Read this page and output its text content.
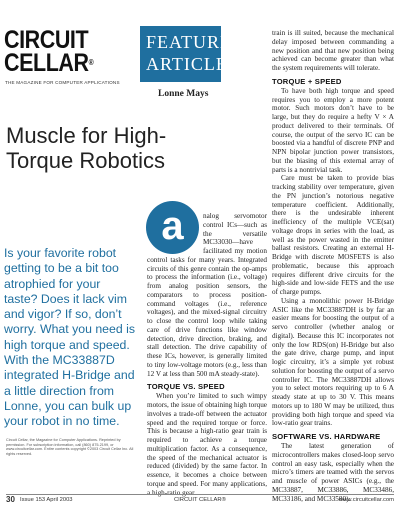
CIRCUIT
CELLAR®
THE MAGAZINE FOR COMPUTER APPLICATIONS
FEATURE
ARTICLE
Lonne Mays
Muscle for High-Torque Robotics
Is your favorite robot getting to be a bit too atrophied for your taste? Does it lack vim and vigor? If so, don’t worry. What you need is high torque and speed. With the MC33887D integrated H-Bridge and a little direction from Lonne, you can bulk up your robot in no time.
Circuit Cellar, the Magazine for Computer Applications. Reprinted by permission. For subscription information, call (860) 875-2199, or www.circuitcellar.com. Entire contents copyright ©2003 Circuit Cellar Inc. All rights reserved.

nalog servomotor control ICs—such as the versatile MC33030—have facilitated my motion control tasks for many years. Integrated circuits of this genre contain the op-amps to process the information (i.e., voltage) from analog position sensors, the comparators to process position-command voltages (i.e., reference voltages), and the mixed-signal circuitry to close the control loop while taking care of drive functions like window detection, drive direction, braking, and stall detection. The drive capability of these ICs, however, is generally limited to tiny low-voltage motors (e.g., less than 12 V at less than 500 mA steady-state).

TORQUE VS. SPEED

When you’re limited to such wimpy motors, the issue of obtaining high torque involves a trade-off between the actuator speed and the required torque or force. This is because a high-ratio gear train is required to achieve a torque multiplication factor. As a consequence, the speed of the mechanical actuator is reduced (divided) by the same factor. In essence, it becomes a choice between torque and speed. For many applications, a high-ratio gear

a

train is ill suited, because the mechanical delay imposed between commanding a new position and that new position being achieved can become greater than what the system requirements will tolerate.

TORQUE + SPEED

To have both high torque and speed requires you to employ a more potent motor. Such motors don’t have to be large, but they do require a hefty V × A product delivered to their terminals. Of course, the output of the servo IC can be boosted via a handful of discrete PNP and NPN bipolar junction power transistors, but the biasing of this external array of parts is a nontrivial task.

Care must be taken to provide bias tracking stability over temperature, given the PN junction’s notorious negative temperature coefficient. Additionally, there is the undesirable inherent inefficiency of the multiple VCE(sat) voltage drops in series with the load, as well as the power wasted in the emitter ballast resistors. Creating an external H-Bridge with discrete MOSFETS is also problematic, because this approach requires different drive circuits for the high-side and low-side FETS and the use of charge pumps.

Using a monolithic power H-Bridge ASIC like the MC33887DH is by far an easier means for boosting the output of a servo controller (whether analog or digital). Because this IC incorporates not only the low RDS(on) H-Bridge but also the gate drive, charge pump, and input logic circuitry, it’s a simple yet robust solution for boosting the output of a servo controller IC. The MC33887DH allows you to select motors requiring up to 6 A steady state at up to 30 V. This means motors up to 180 W may be utilized, thus providing both high torque and speed via low-ratio gear trains.

SOFTWARE VS. HARDWARE

The latest generation of microcontrollers makes closed-loop servo control an easy task, especially when the micro’s timers are teamed with the servos and muscle of power ASICs (e.g., the MC33887, MC33886, MC33486, MC33186, and MC33580).

30 Issue 153 April 2003	CIRCUIT CELLAR®	www.circuitcellar.com
